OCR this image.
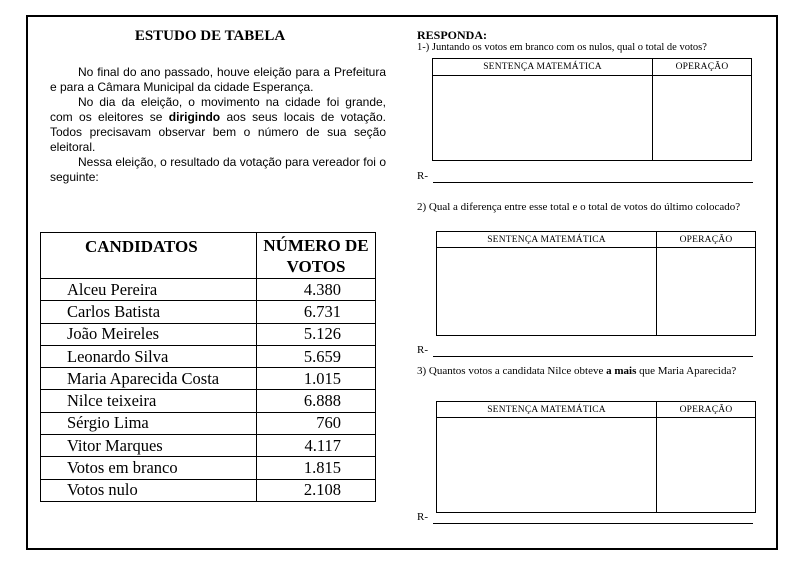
ESTUDO DE TABELA

No final do ano passado, houve eleição para a Prefeitura e para a Câmara Municipal da cidade Esperança.

No dia da eleição, o movimento na cidade foi grande, com os eleitores se dirigindo aos seus locais de votação. Todos precisavam observar bem o número de sua seção eleitoral.

Nessa eleição, o resultado da votação para vereador foi o seguinte:

CANDIDATOS	NÚMERO DE VOTOS
Alceu Pereira	4.380
Carlos Batista	6.731
João Meireles	5.126
Leonardo Silva	5.659
Maria Aparecida Costa	1.015
Nilce teixeira	6.888
Sérgio Lima	760
Vitor Marques	4.117
Votos em branco	1.815
Votos nulo	2.108
RESPONDA:
1-) Juntando os votos em branco com os nulos, qual o total de votos?
SENTENÇA MATEMÁTICA	OPERAÇÃO

R-
2) Qual a diferença entre esse total e o total de votos do último colocado?
SENTENÇA MATEMÁTICA	OPERAÇÃO

R-
3) Quantos votos a candidata Nilce obteve a mais que Maria Aparecida?
SENTENÇA MATEMÁTICA	OPERAÇÃO

R-
